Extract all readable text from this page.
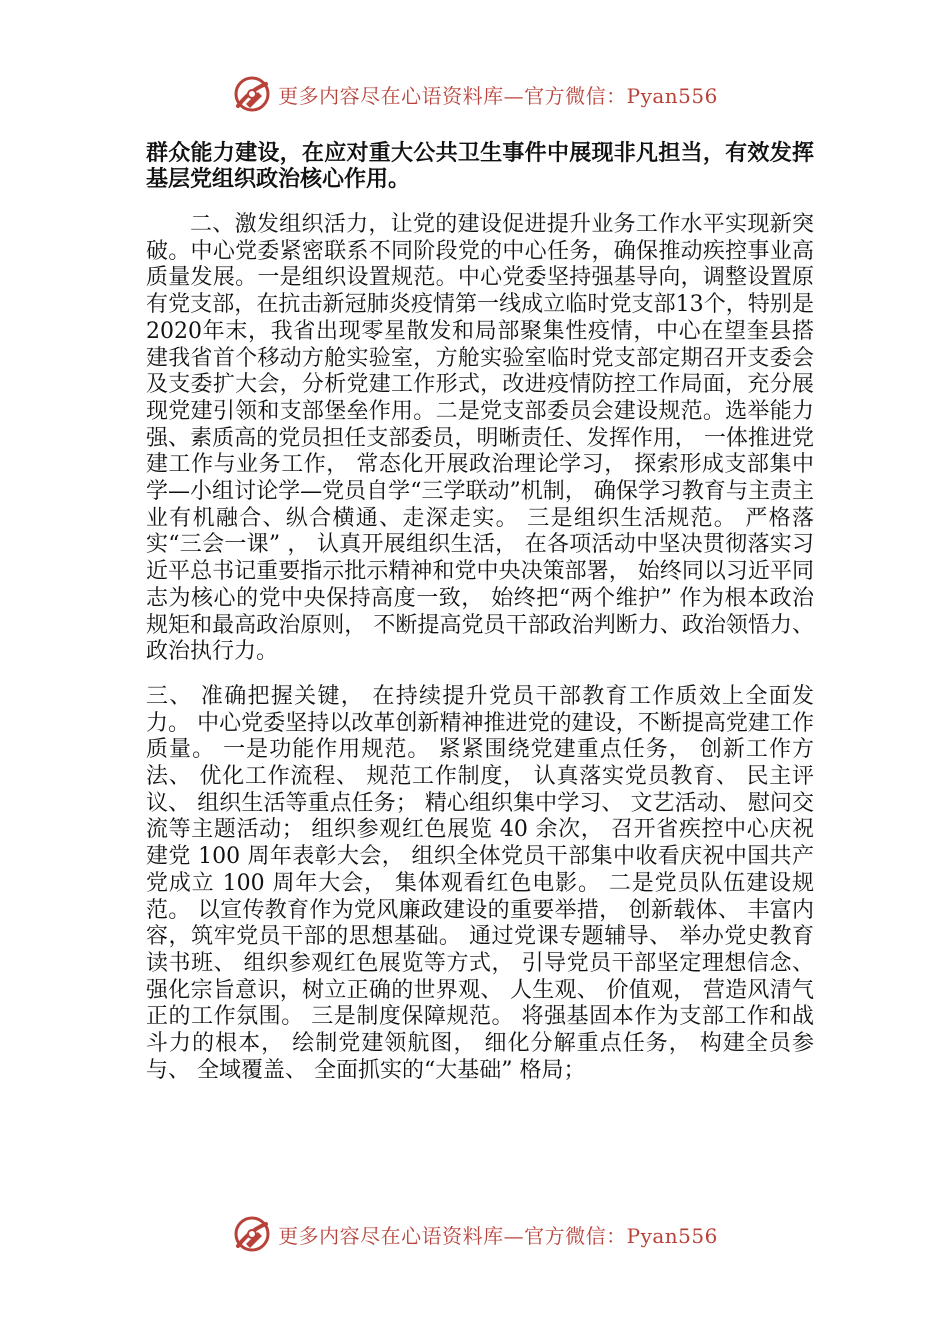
更多内容尽在心语资料库—官方微信：Pyan556

群众能力建设，在应对重大公共卫生事件中展现非凡担当，有效发挥基层党组织政治核心作用。

二、激发组织活力，让党的建设促进提升业务工作水平实现新突破。中心党委紧密联系不同阶段党的中心任务，确保推动疾控事业高质量发展。一是组织设置规范。中心党委坚持强基导向，调整设置原有党支部，在抗击新冠肺炎疫情第一线成立临时党支部13个，特别是2020年末，我省出现零星散发和局部聚集性疫情，中心在望奎县搭建我省首个移动方舱实验室，方舱实验室临时党支部定期召开支委会及支委扩大会，分析党建工作形式，改进疫情防控工作局面，充分展现党建引领和支部堡垒作用。二是党支部委员会建设规范。选举能力强、素质高的党员担任支部委员，明晰责任、发挥作用， 一体推进党建工作与业务工作， 常态化开展政治理论学习， 探索形成支部集中学—小组讨论学—党员自学“三学联动”机制， 确保学习教育与主责主业有机融合、纵合横通、走深走实。 三是组织生活规范。 严格落实“三会一课” ， 认真开展组织生活， 在各项活动中坚决贯彻落实习近平总书记重要指示批示精神和党中央决策部署， 始终同以习近平同志为核心的党中央保持高度一致， 始终把“两个维护” 作为根本政治规矩和最高政治原则， 不断提高党员干部政治判断力、政治领悟力、 政治执行力。

三、 准确把握关键， 在持续提升党员干部教育工作质效上全面发力。 中心党委坚持以改革创新精神推进党的建设，不断提高党建工作质量。 一是功能作用规范。 紧紧围绕党建重点任务， 创新工作方法、 优化工作流程、 规范工作制度， 认真落实党员教育、 民主评议、 组织生活等重点任务； 精心组织集中学习、 文艺活动、 慰问交流等主题活动； 组织参观红色展览 40 余次， 召开省疾控中心庆祝建党 100 周年表彰大会， 组织全体党员干部集中收看庆祝中国共产党成立 100 周年大会， 集体观看红色电影。 二是党员队伍建设规范。 以宣传教育作为党风廉政建设的重要举措， 创新载体、 丰富内容，筑牢党员干部的思想基础。 通过党课专题辅导、 举办党史教育读书班、 组织参观红色展览等方式， 引导党员干部坚定理想信念、 强化宗旨意识，树立正确的世界观、 人生观、 价值观， 营造风清气正的工作氛围。 三是制度保障规范。 将强基固本作为支部工作和战斗力的根本， 绘制党建领航图， 细化分解重点任务， 构建全员参与、 全域覆盖、 全面抓实的“大基础” 格局；

更多内容尽在心语资料库—官方微信：Pyan556
